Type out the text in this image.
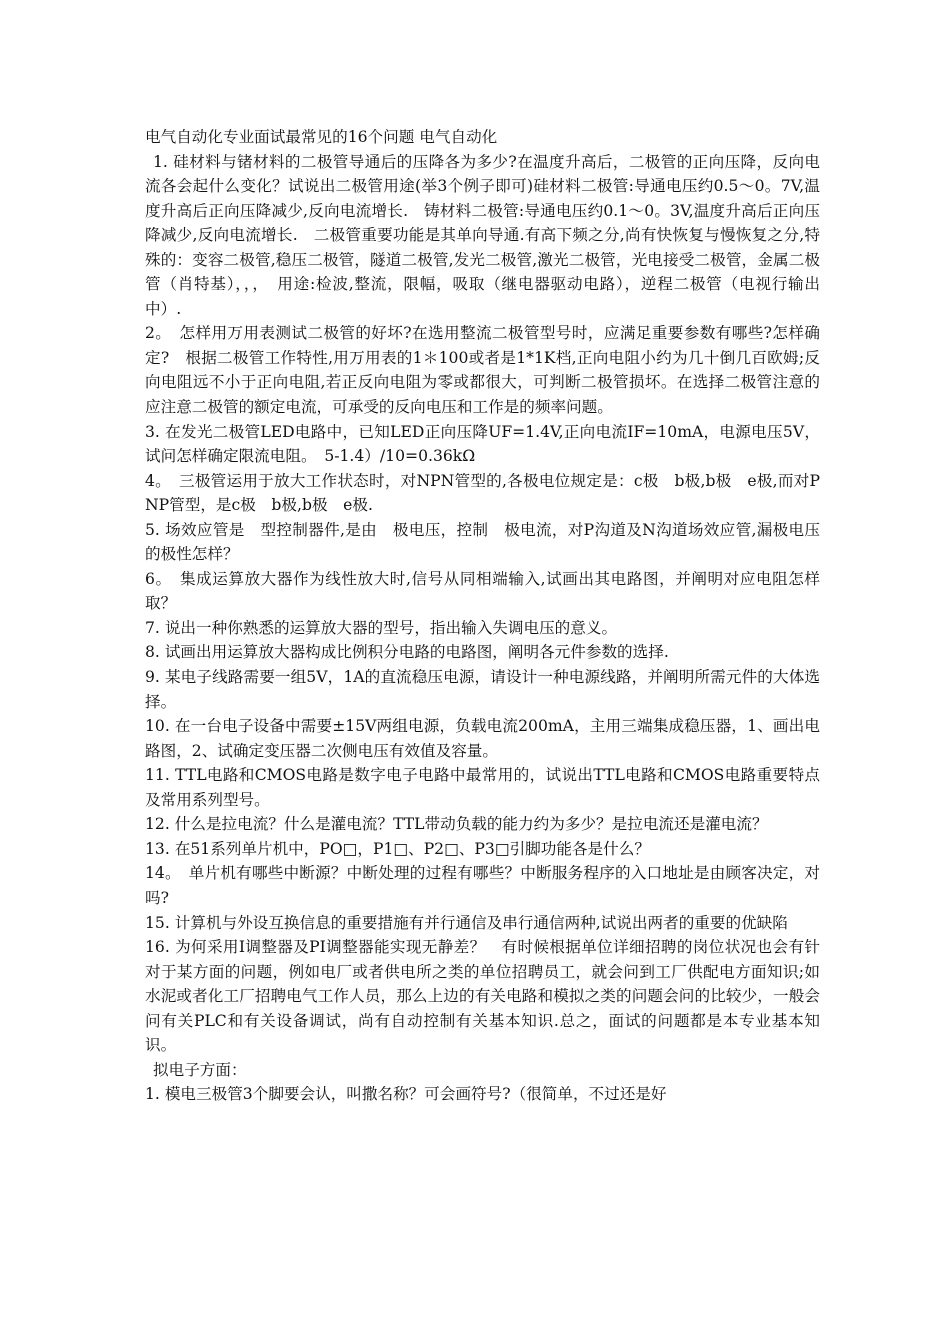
电气自动化专业面试最常见的16个问题 电气自动化

1. 硅材料与锗材料的二极管导通后的压降各为多少?在温度升高后，二极管的正向压降，反向电流各会起什么变化？试说出二极管用途(举3个例子即可)硅材料二极管:导通电压约0.5～0。7V,温度升高后正向压降减少,反向电流增长.　铸材料二极管:导通电压约0.1～0。3V,温度升高后正向压降减少,反向电流增长.　二极管重要功能是其单向导通.有高下频之分,尚有快恢复与慢恢复之分,特殊的：变容二极管,稳压二极管，隧道二极管,发光二极管,激光二极管，光电接受二极管，金属二极管（肖特基），，，　用途:检波,整流，限幅，吸取（继电器驱动电路），逆程二极管（电视行输出中）.

2。　怎样用万用表测试二极管的好坏?在选用整流二极管型号时，应满足重要参数有哪些?怎样确定?　根据二极管工作特性,用万用表的1＊100或者是1*1K档,正向电阻小约为几十倒几百欧姆;反向电阻远不小于正向电阻,若正反向电阻为零或都很大，可判断二极管损坏。在选择二极管注意的应注意二极管的额定电流，可承受的反向电压和工作是的频率问题。

3. 在发光二极管LED电路中，已知LED正向压降UF=1.4V,正向电流IF=10mA，电源电压5V，试问怎样确定限流电阻。　5-1.4）/10=0.36kΩ

4。　三极管运用于放大工作状态时，对NPN管型的,各极电位规定是：c极　b极,b极　e极,而对PNP管型，是c极　b极,b极　e极.

5. 场效应管是　型控制器件,是由　极电压，控制　极电流，对P沟道及N沟道场效应管,漏极电压的极性怎样？

6。　集成运算放大器作为线性放大时,信号从同相端输入,试画出其电路图，并阐明对应电阻怎样取？

7. 说出一种你熟悉的运算放大器的型号，指出输入失调电压的意义。

8. 试画出用运算放大器构成比例积分电路的电路图，阐明各元件参数的选择.

9. 某电子线路需要一组5V，1A的直流稳压电源，请设计一种电源线路，并阐明所需元件的大体选择。

10. 在一台电子设备中需要±15V两组电源，负载电流200mA，主用三端集成稳压器，1、画出电路图，2、试确定变压器二次侧电压有效值及容量。

11. TTL电路和CMOS电路是数字电子电路中最常用的，试说出TTL电路和CMOS电路重要特点及常用系列型号。

12. 什么是拉电流？什么是灌电流？TTL带动负载的能力约为多少？是拉电流还是灌电流？

13. 在51系列单片机中，PO□，P1□、P2□、P3□引脚功能各是什么？

14。　单片机有哪些中断源？中断处理的过程有哪些？中断服务程序的入口地址是由顾客决定，对吗?

15. 计算机与外设互换信息的重要措施有并行通信及串行通信两种,试说出两者的重要的优缺陷

16. 为何采用I调整器及PI调整器能实现无静差？　有时候根据单位详细招聘的岗位状况也会有针对于某方面的问题，例如电厂或者供电所之类的单位招聘员工，就会问到工厂供配电方面知识;如水泥或者化工厂招聘电气工作人员，那么上边的有关电路和模拟之类的问题会问的比较少，一般会问有关PLC和有关设备调试，尚有自动控制有关基本知识.总之，面试的问题都是本专业基本知识。

拟电子方面：

1. 模电三极管3个脚要会认，叫撒名称？可会画符号?（很简单，不过还是好
